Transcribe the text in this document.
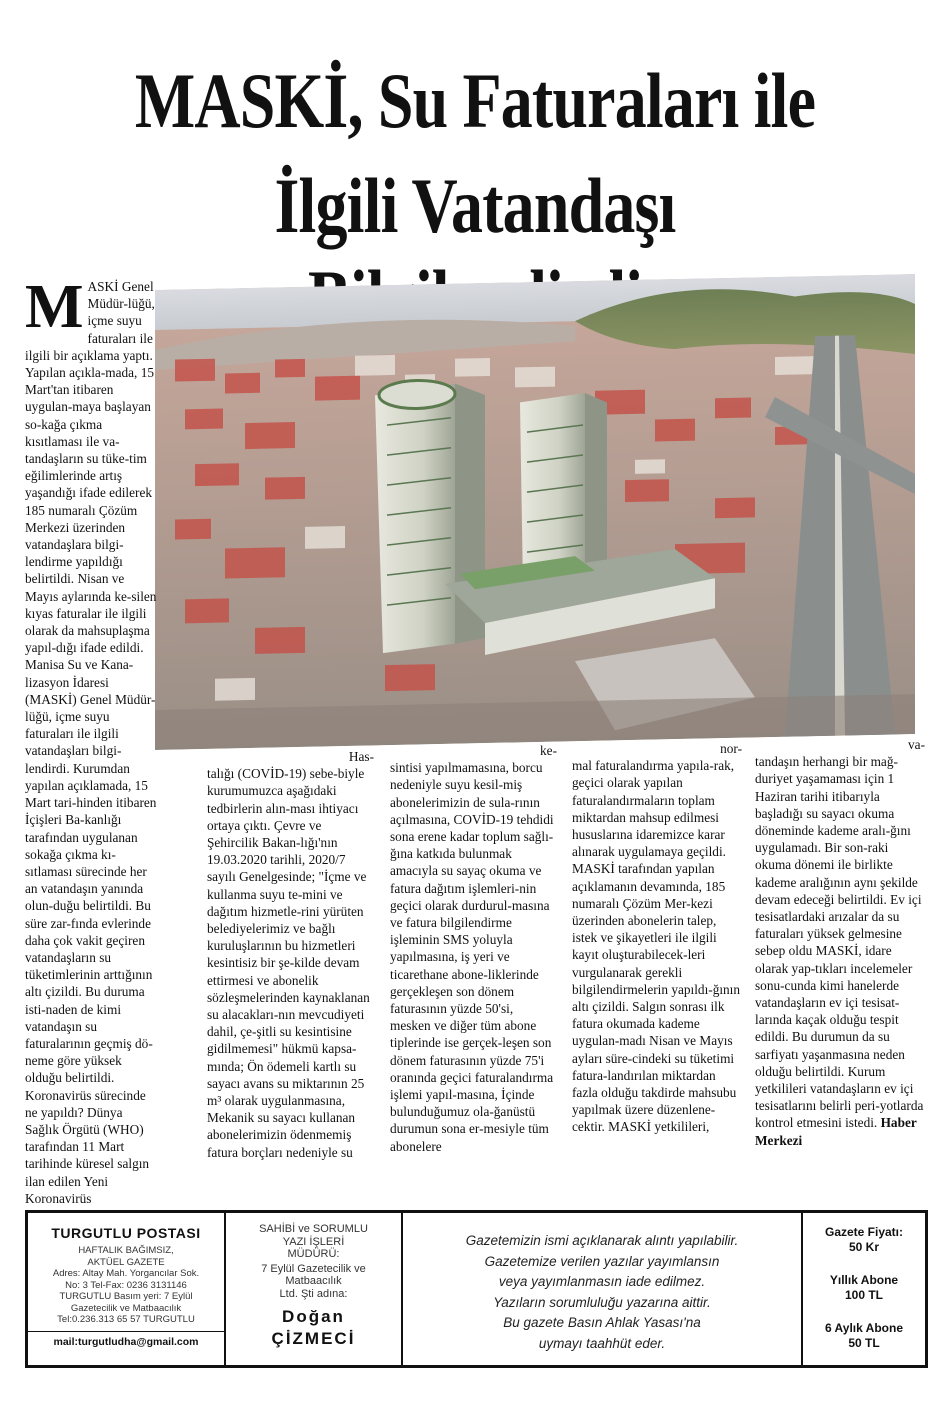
MASKİ, Su Faturaları ile
İlgili Vatandaşı
MASKİ Genel Müdür-lüğü, içme suyu faturaları ile ilgili bir açıklama yaptı. Yapılan açıkla-mada, 15 Mart'tan itibaren uygulan-maya başlayan so-kağa çıkma kısıtlaması ile va-tandaşların su tüke-tim eğilimlerinde artış yaşandığı ifade edilerek 185 numaralı Çözüm Merkezi üzerinden vatandaşlara bilgi-lendirme yapıldığı belirtildi. Nisan ve Mayıs aylarında ke-silen kıyas faturalar ile ilgili olarak da mahsuplaşma yapıl-dığı ifade edildi. Manisa Su ve Kana-lizasyon İdaresi (MASKİ) Genel Müdür-lüğü, içme suyu faturaları ile ilgili vatandaşları bilgi-lendirdi. Kurumdan yapılan açıklamada, 15 Mart tari-hinden itibaren İçişleri Ba-kanlığı tarafından uygulanan sokağa çıkma kı-sıtlaması sürecinde her an vatandaşın yanında olun-duğu belirtildi. Bu süre zar-fında evlerinde daha çok vakit geçiren vatandaşların su tüketimlerinin arttığının altı çizildi. Bu duruma isti-naden de kimi vatandaşın su faturalarının geçmiş dö-neme göre yüksek olduğu belirtildi. Koronavirüs sürecinde ne yapıldı? Dünya Sağlık Örgütü (WHO) tarafından 11 Mart tarihinde küresel salgın ilan edilen Yeni Koronavirüs
Has-
talığı (COVİD-19) sebe-biyle kurumumuzca aşağıdaki tedbirlerin alın-ması ihtiyacı ortaya çıktı. Çevre ve Şehircilik Bakan-lığı'nın 19.03.2020 tarihli, 2020/7 sayılı Genelgesinde; "İçme ve kullanma suyu te-mini ve dağıtım hizmetle-rini yürüten belediyelerimiz ve bağlı kuruluşlarının bu hizmetleri kesintisiz bir şe-kilde devam ettirmesi ve abonelik sözleşmelerinden kaynaklanan su alacakları-nın mevcudiyeti dahil, çe-şitli su kesintisine gidilmemesi" hükmü kapsa-mında; Ön ödemeli kartlı su sayacı avans su miktarının 25 m³ olarak uygulanmasına, Mekanik su sayacı kullanan abonelerimizin ödenmemiş fatura borçları nedeniyle su
ke-
sintisi yapılmamasına, borcu nedeniyle suyu kesil-miş abonelerimizin de sula-rının açılmasına, COVİD-19 tehdidi sona erene kadar toplum sağlı-ğına katkıda bulunmak amacıyla su sayaç okuma ve fatura dağıtım işlemleri-nin geçici olarak durdurul-masına ve fatura bilgilendirme işleminin SMS yoluyla yapılmasına, iş yeri ve ticarethane abone-liklerinde gerçekleşen son dönem faturasının yüzde 50'si, mesken ve diğer tüm abone tiplerinde ise gerçek-leşen son dönem faturasının yüzde 75'i oranında geçici faturalandırma işlemi yapıl-masına, İçinde bulunduğumuz ola-ğanüstü durumun sona er-mesiyle tüm abonelere
nor-
mal faturalandırma yapıla-rak, geçici olarak yapılan faturalandırmaların toplam miktardan mahsup edilmesi hususlarına idaremizce karar alınarak uygulamaya geçildi. MASKİ tarafından yapılan açıklamanın devamında, 185 numaralı Çözüm Mer-kezi üzerinden abonelerin talep, istek ve şikayetleri ile ilgili kayıt oluşturabilecek-leri vurgulanarak gerekli bilgilendirmelerin yapıldı-ğının altı çizildi. Salgın sonrası ilk fatura okumada kademe uygulan-madı Nisan ve Mayıs ayları süre-cindeki su tüketimi fatura-landırılan miktardan fazla olduğu takdirde mahsubu yapılmak üzere düzenlene-cektir. MASKİ yetkilileri,
va-
tandaşın herhangi bir mağ-duriyet yaşamaması için 1 Haziran tarihi itibarıyla başladığı su sayacı okuma döneminde kademe aralı-ğını uygulamadı. Bir son-raki okuma dönemi ile birlikte kademe aralığının aynı şekilde devam edeceği belirtildi. Ev içi tesisatlardaki arızalar da su faturaları yüksek gelmesine sebep oldu MASKİ, idare olarak yap-tıkları incelemeler sonu-cunda kimi hanelerde vatandaşların ev içi tesisat-larında kaçak olduğu tespit edildi. Bu durumun da su sarfiyatı yaşanmasına neden olduğu belirtildi. Kurum yetkilileri vatandaşların ev içi tesisatlarını belirli peri-yotlarda kontrol etmesini istedi. Haber Merkezi
TURGUTLU POSTASI
HAFTALIK BAĞIMSIZ,
AKTÜEL GAZETE
Adres: Altay Mah. Yorgancılar Sok.
No: 3 Tel-Fax: 0236 3131146
TURGUTLU Basım yeri: 7 Eylül
Gazetecilik ve Matbaacılık
Tel:0.236.313 65 57 TURGUTLU
mail:turgutludha@gmail.com
SAHİBİ ve SORUMLU
YAZI İŞLERİ
MÜDÜRÜ:
7 Eylül Gazetecilik ve
Matbaacılık
Ltd. Şti adına:
Doğan
ÇİZMECİ
Gazetemizin ismi açıklanarak alıntı yapılabilir.
Gazetemize verilen yazılar yayımlansın
veya yayımlanmasın iade edilmez.
Yazıların sorumluluğu yazarına aittir.
Bu gazete Basın Ahlak Yasası'na
uymayı taahhüt eder.
Gazete Fiyatı:
50 Kr
Yıllık Abone
100 TL
6 Aylık Abone
50 TL
